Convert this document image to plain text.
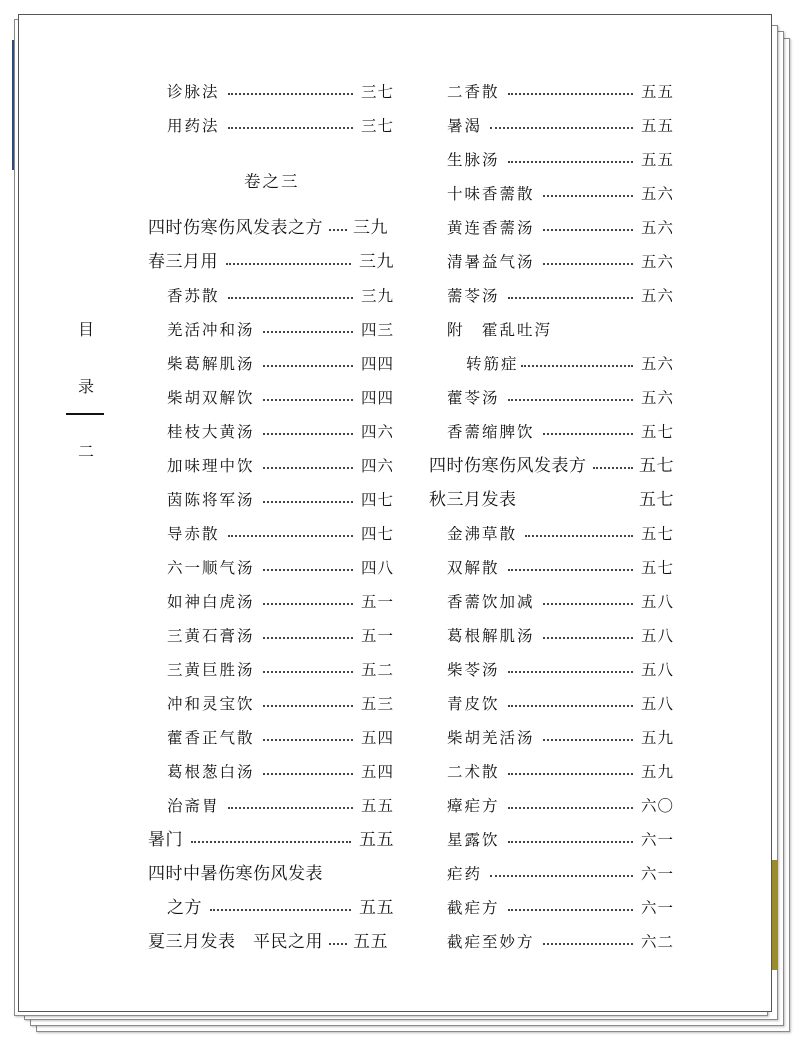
目
录
二
卷之三
诊脉法	三七
用药法	三七
四时伤寒伤风发表之方 三九
春三月用	三九
香苏散	三九
羌活冲和汤	四三
柴葛解肌汤	四四
柴胡双解饮	四四
桂枝大黄汤	四六
加味理中饮	四六
茵陈将军汤	四七
导赤散	四七
六一顺气汤	四八
如神白虎汤	五一
三黄石膏汤	五一
三黄巨胜汤	五二
冲和灵宝饮	五三
藿香正气散	五四
葛根葱白汤	五四
治斋胃	五五
暑门	五五
四时中暑伤寒伤风发表
之方	五五
夏三月发表　平民之用 五五
二香散	五五
暑渴	五五
生脉汤	五五
十味香薷散	五六
黄连香薷汤	五六
清暑益气汤	五六
薷苓汤	五六
附　霍乱吐泻
转筋症	五六
藿苓汤	五六
香薷缩脾饮	五七
四时伤寒伤风发表方	五七
秋三月发表	五七
金沸草散	五七
双解散	五七
香薷饮加减	五八
葛根解肌汤	五八
柴苓汤	五八
青皮饮	五八
柴胡羌活汤	五九
二术散	五九
瘴疟方	六〇
星露饮	六一
疟药	六一
截疟方	六一
截疟至妙方	六二
